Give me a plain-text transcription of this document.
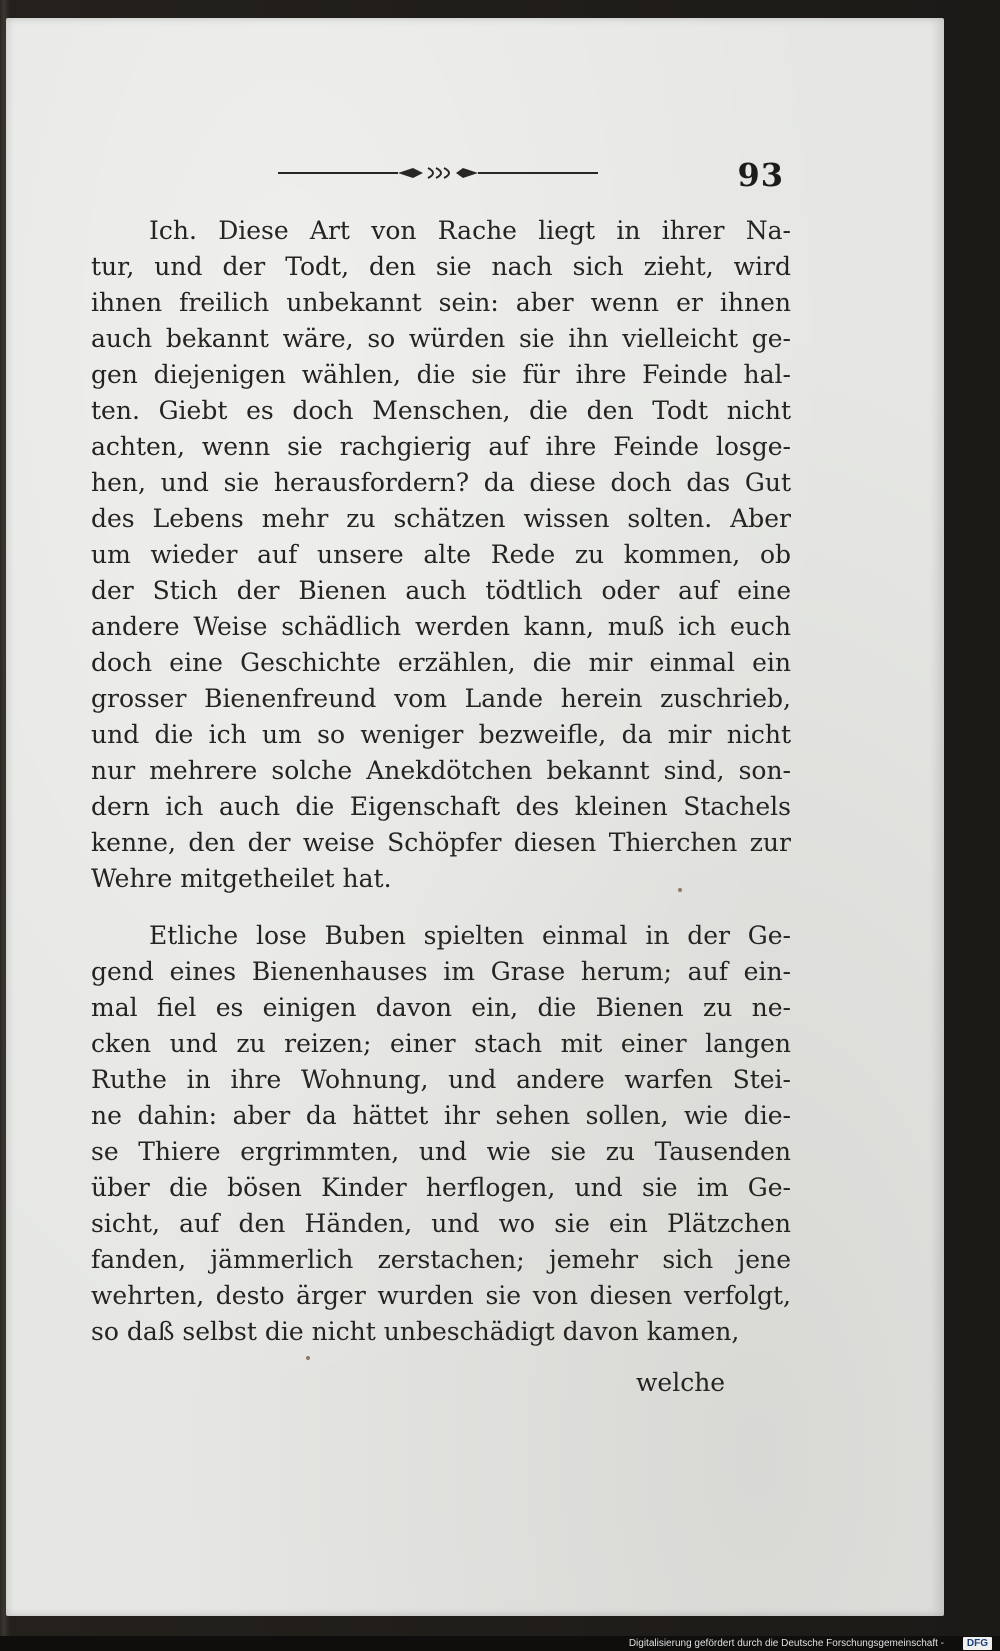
93

Ich. Diese Art von Rache liegt in ihrer Na-
tur, und der Todt, den sie nach sich zieht, wird
ihnen freilich unbekannt sein: aber wenn er ihnen
auch bekannt wäre, so würden sie ihn vielleicht ge-
gen diejenigen wählen, die sie für ihre Feinde hal-
ten. Giebt es doch Menschen, die den Todt nicht
achten, wenn sie rachgierig auf ihre Feinde losge-
hen, und sie herausfordern? da diese doch das Gut
des Lebens mehr zu schätzen wissen solten. Aber
um wieder auf unsere alte Rede zu kommen, ob
der Stich der Bienen auch tödtlich oder auf eine
andere Weise schädlich werden kann, muß ich euch
doch eine Geschichte erzählen, die mir einmal ein
grosser Bienenfreund vom Lande herein zuschrieb,
und die ich um so weniger bezweifle, da mir nicht
nur mehrere solche Anekdötchen bekannt sind, son-
dern ich auch die Eigenschaft des kleinen Stachels
kenne, den der weise Schöpfer diesen Thierchen zur
Wehre mitgetheilet hat.

Etliche lose Buben spielten einmal in der Ge-
gend eines Bienenhauses im Grase herum; auf ein-
mal fiel es einigen davon ein, die Bienen zu ne-
cken und zu reizen; einer stach mit einer langen
Ruthe in ihre Wohnung, und andere warfen Stei-
ne dahin: aber da hättet ihr sehen sollen, wie die-
se Thiere ergrimmten, und wie sie zu Tausenden
über die bösen Kinder herflogen, und sie im Ge-
sicht, auf den Händen, und wo sie ein Plätzchen
fanden, jämmerlich zerstachen; jemehr sich jene
wehrten, desto ärger wurden sie von diesen verfolgt,
so daß selbst die nicht unbeschädigt davon kamen,

welche
Digitalisierung gefördert durch die Deutsche Forschungsgemeinschaft -	DFG
